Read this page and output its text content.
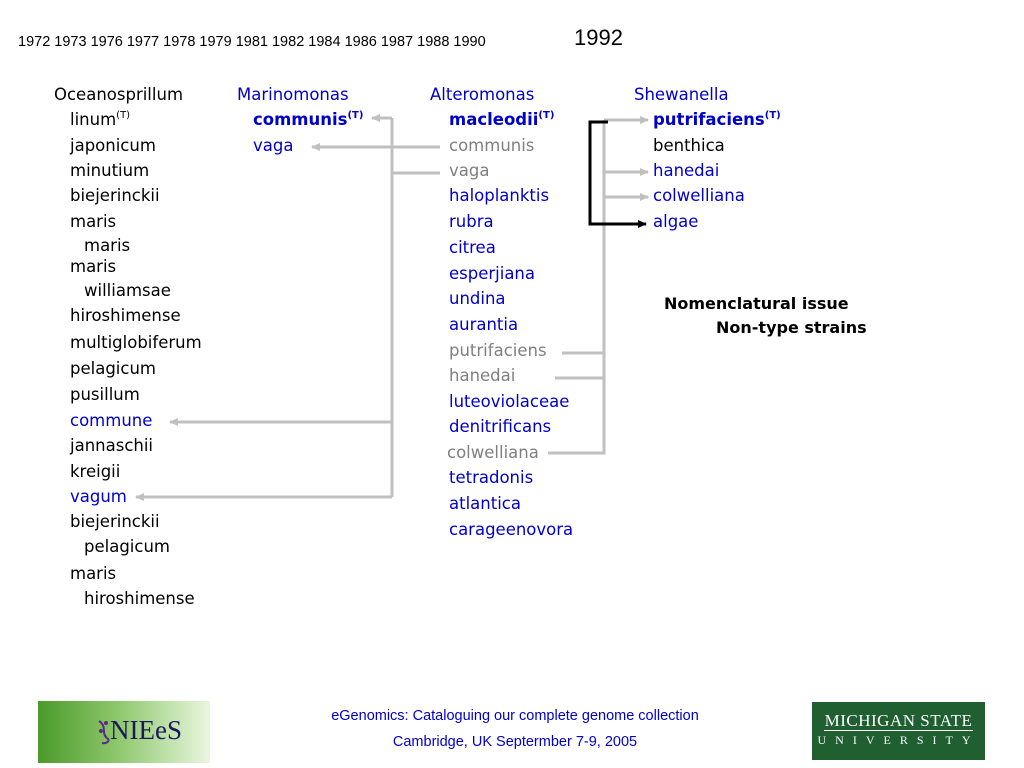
1972 1973 1976 1977 1978 1979 1981 1982 1984 1986 1987 1988 1990	1992
Oceanosprillum
linum$^{(T)}$
japonicum
minutium
biejerinckii
maris
maris
maris
williamsae
hiroshimense
multiglobiferum
pelagicum
pusillum
commune
jannaschii
kreigii
vagum
biejerinckii
pelagicum
maris
hiroshimense
Marinomonas
communis$^{(T)}$
vaga
Alteromonas
macleodii$^{(T)}$
communis
vaga
haloplanktis
rubra
citrea
esperjiana
undina
aurantia
putrifaciens
hanedai
luteoviolaceae
denitrificans
colwelliana
tetradonis
atlantica
carageenovora
Shewanella
putrifaciens$^{(T)}$
benthica
hanedai
colwelliana
algae
Nomenclatural issue
Non-type strains
NIEeS	eGenomics: Cataloguing our complete genome collection
Cambridge, UK Septermber 7-9, 2005
MICHIGAN STATE
UNIVERSITY
